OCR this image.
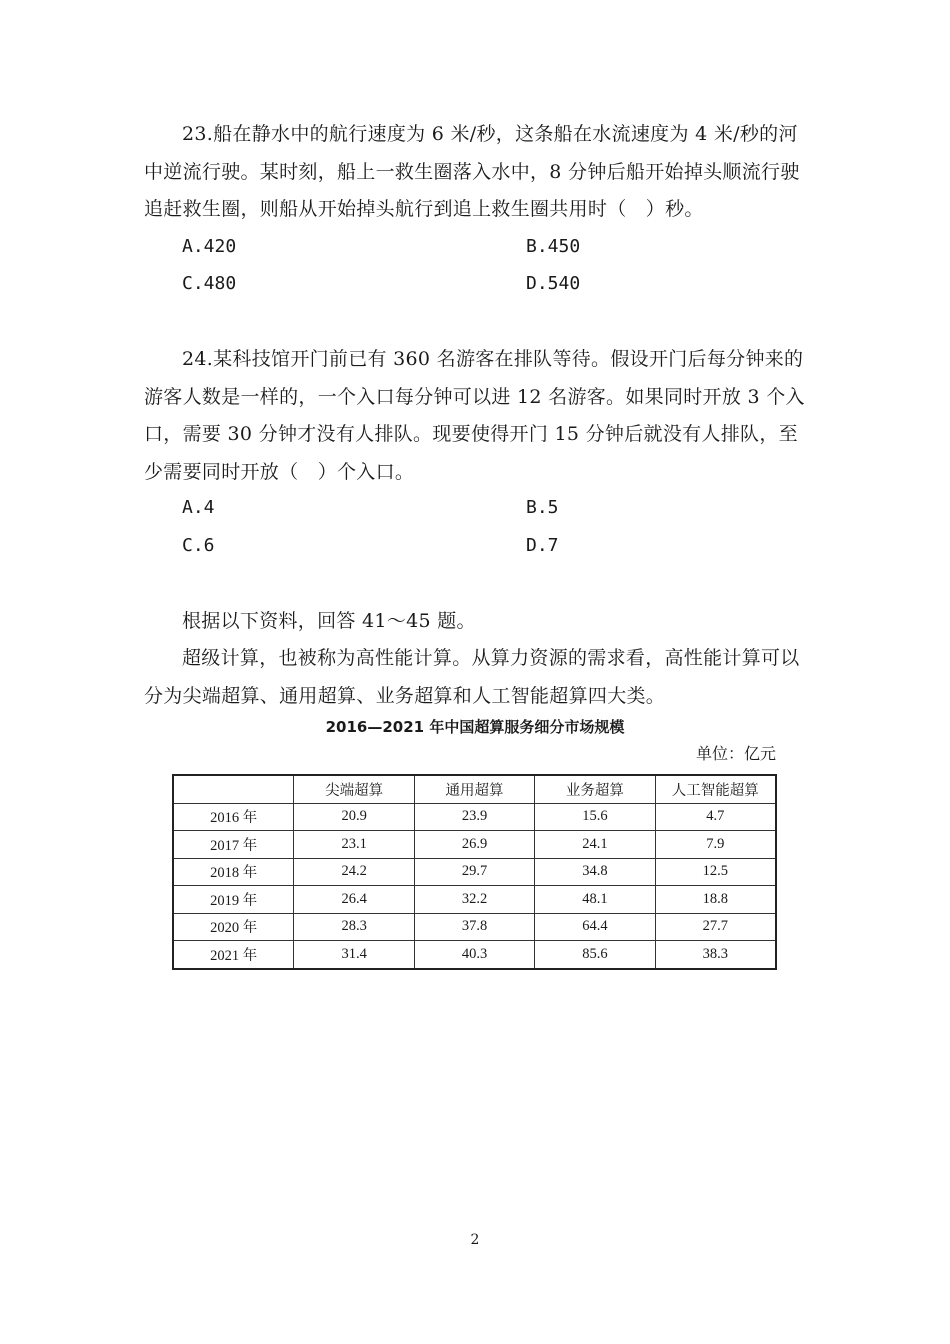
23.船在静水中的航行速度为 6 米/秒，这条船在水流速度为 4 米/秒的河中逆流行驶。某时刻，船上一救生圈落入水中，8 分钟后船开始掉头顺流行驶追赶救生圈，则船从开始掉头航行到追上救生圈共用时（　）秒。
A.420	B.450
C.480	D.540
24.某科技馆开门前已有 360 名游客在排队等待。假设开门后每分钟来的游客人数是一样的，一个入口每分钟可以进 12 名游客。如果同时开放 3 个入口，需要 30 分钟才没有人排队。现要使得开门 15 分钟后就没有人排队，至少需要同时开放（　）个入口。
A.4	B.5
C.6	D.7
根据以下资料，回答 41～45 题。
超级计算，也被称为高性能计算。从算力资源的需求看，高性能计算可以分为尖端超算、通用超算、业务超算和人工智能超算四大类。
2016—2021 年中国超算服务细分市场规模
单位：亿元
	尖端超算	通用超算	业务超算	人工智能超算
2016 年	20.9	23.9	15.6	4.7
2017 年	23.1	26.9	24.1	7.9
2018 年	24.2	29.7	34.8	12.5
2019 年	26.4	32.2	48.1	18.8
2020 年	28.3	37.8	64.4	27.7
2021 年	31.4	40.3	85.6	38.3
2
